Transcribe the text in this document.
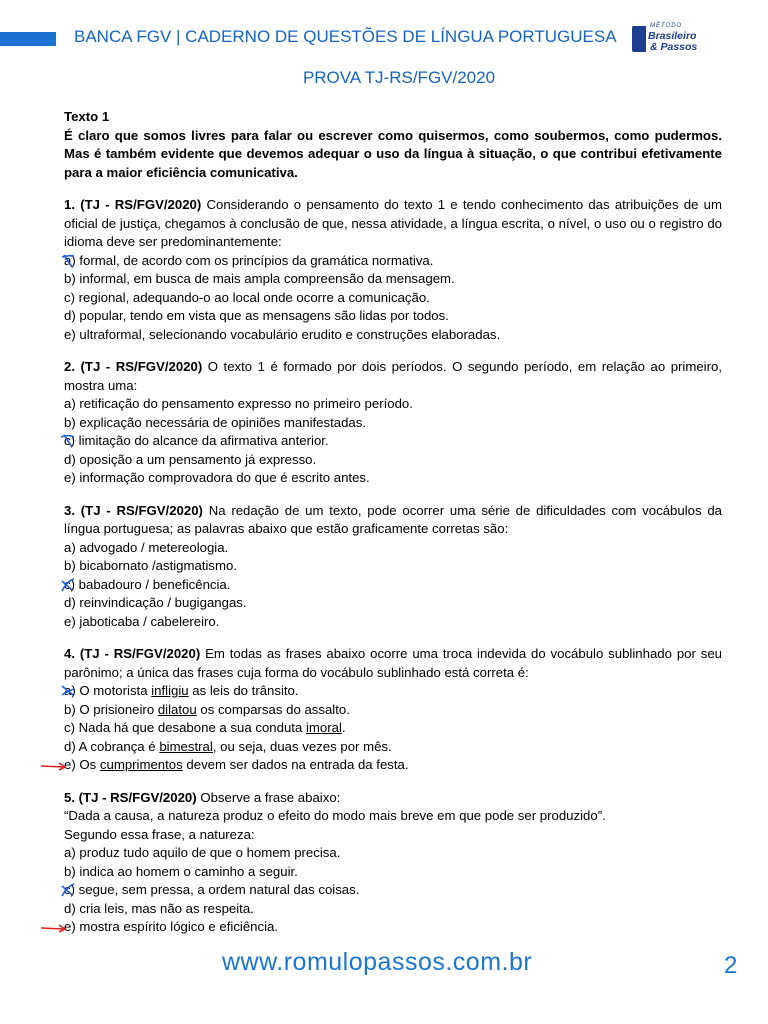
BANCA FGV | CADERNO DE QUESTÕES DE LÍNGUA PORTUGUESA
MÉTODO
Brasileiro
& Passos
PROVA TJ-RS/FGV/2020

Texto 1

É claro que somos livres para falar ou escrever como quisermos, como soubermos, como pudermos. Mas é também evidente que devemos adequar o uso da língua à situação, o que contribui efetivamente para a maior eficiência comunicativa.

1. (TJ - RS/FGV/2020) Considerando o pensamento do texto 1 e tendo conhecimento das atribuições de um oficial de justiça, chegamos à conclusão de que, nessa atividade, a língua escrita, o nível, o uso ou o registro do idioma deve ser predominantemente:

a) formal, de acordo com os princípios da gramática normativa.

b) informal, em busca de mais ampla compreensão da mensagem.

c) regional, adequando-o ao local onde ocorre a comunicação.

d) popular, tendo em vista que as mensagens são lidas por todos.

e) ultraformal, selecionando vocabulário erudito e construções elaboradas.

2. (TJ - RS/FGV/2020) O texto 1 é formado por dois períodos. O segundo período, em relação ao primeiro, mostra uma:

a) retificação do pensamento expresso no primeiro período.

b) explicação necessária de opiniões manifestadas.

c) limitação do alcance da afirmativa anterior.

d) oposição a um pensamento já expresso.

e) informação comprovadora do que é escrito antes.

3. (TJ - RS/FGV/2020) Na redação de um texto, pode ocorrer uma série de dificuldades com vocábulos da língua portuguesa; as palavras abaixo que estão graficamente corretas são:

a) advogado / metereologia.

b) bicabornato /astigmatismo.

c) babadouro / beneficência.

d) reinvindicação / bugigangas.

e) jaboticaba / cabelereiro.

4. (TJ - RS/FGV/2020) Em todas as frases abaixo ocorre uma troca indevida do vocábulo sublinhado por seu parônimo; a única das frases cuja forma do vocábulo sublinhado está correta é:

a) O motorista infligiu as leis do trânsito.

b) O prisioneiro dilatou os comparsas do assalto.

c) Nada há que desabone a sua conduta imoral.

d) A cobrança é bimestral, ou seja, duas vezes por mês.

e) Os cumprimentos devem ser dados na entrada da festa.

5. (TJ - RS/FGV/2020) Observe a frase abaixo:

“Dada a causa, a natureza produz o efeito do modo mais breve em que pode ser produzido”.

Segundo essa frase, a natureza:

a) produz tudo aquilo de que o homem precisa.

b) indica ao homem o caminho a seguir.

c) segue, sem pressa, a ordem natural das coisas.

d) cria leis, mas não as respeita.

e) mostra espírito lógico e eficiência.

www.romulopassos.com.br	2
